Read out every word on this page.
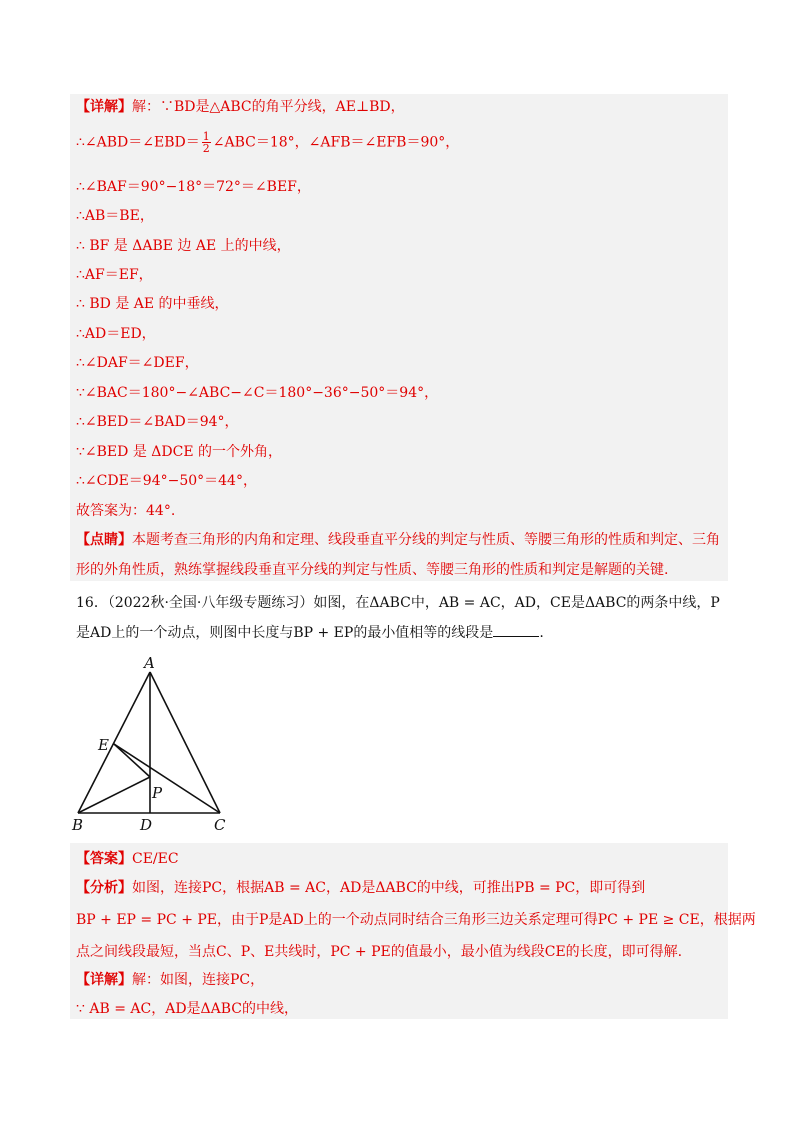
【详解】解：∵BD是△ABC的角平分线，AE⊥BD，
∴∠ABD＝∠EBD＝ $\frac{1}{2}$ ∠ABC＝18°，∠AFB＝∠EFB＝90°，
∴∠BAF＝90°−18°＝72°＝∠BEF，
∴AB＝BE，
∴ BF 是 ΔABE 边 AE 上的中线，
∴AF＝EF，
∴ BD 是 AE 的中垂线，
∴AD＝ED，
∴∠DAF＝∠DEF，
∵∠BAC＝180°−∠ABC−∠C＝180°−36°−50°＝94°，
∴∠BED＝∠BAD＝94°，
∵∠BED 是 ΔDCE 的一个外角，
∴∠CDE＝94°−50°＝44°，
故答案为：44°.
【点睛】本题考查三角形的内角和定理、线段垂直平分线的判定与性质、等腰三角形的性质和判定、三角
形的外角性质，熟练掌握线段垂直平分线的判定与性质、等腰三角形的性质和判定是解题的关键.
16．（2022秋·全国·八年级专题练习）如图，在ΔABC中，AB = AC，AD，CE是ΔABC的两条中线，P
是AD上的一个动点，则图中长度与BP + EP的最小值相等的线段是	.
A
B	C
D
E
P
【答案】CE/EC
【分析】如图，连接PC，根据AB = AC，AD是ΔABC的中线，可推出PB = PC，即可得到
BP + EP = PC + PE，由于P是AD上的一个动点同时结合三角形三边关系定理可得PC + PE ≥ CE，根据两
点之间线段最短，当点C、P、E共线时，PC + PE的值最小，最小值为线段CE的长度，即可得解.
【详解】解：如图，连接PC，
∵ AB = AC，AD是ΔABC的中线，
